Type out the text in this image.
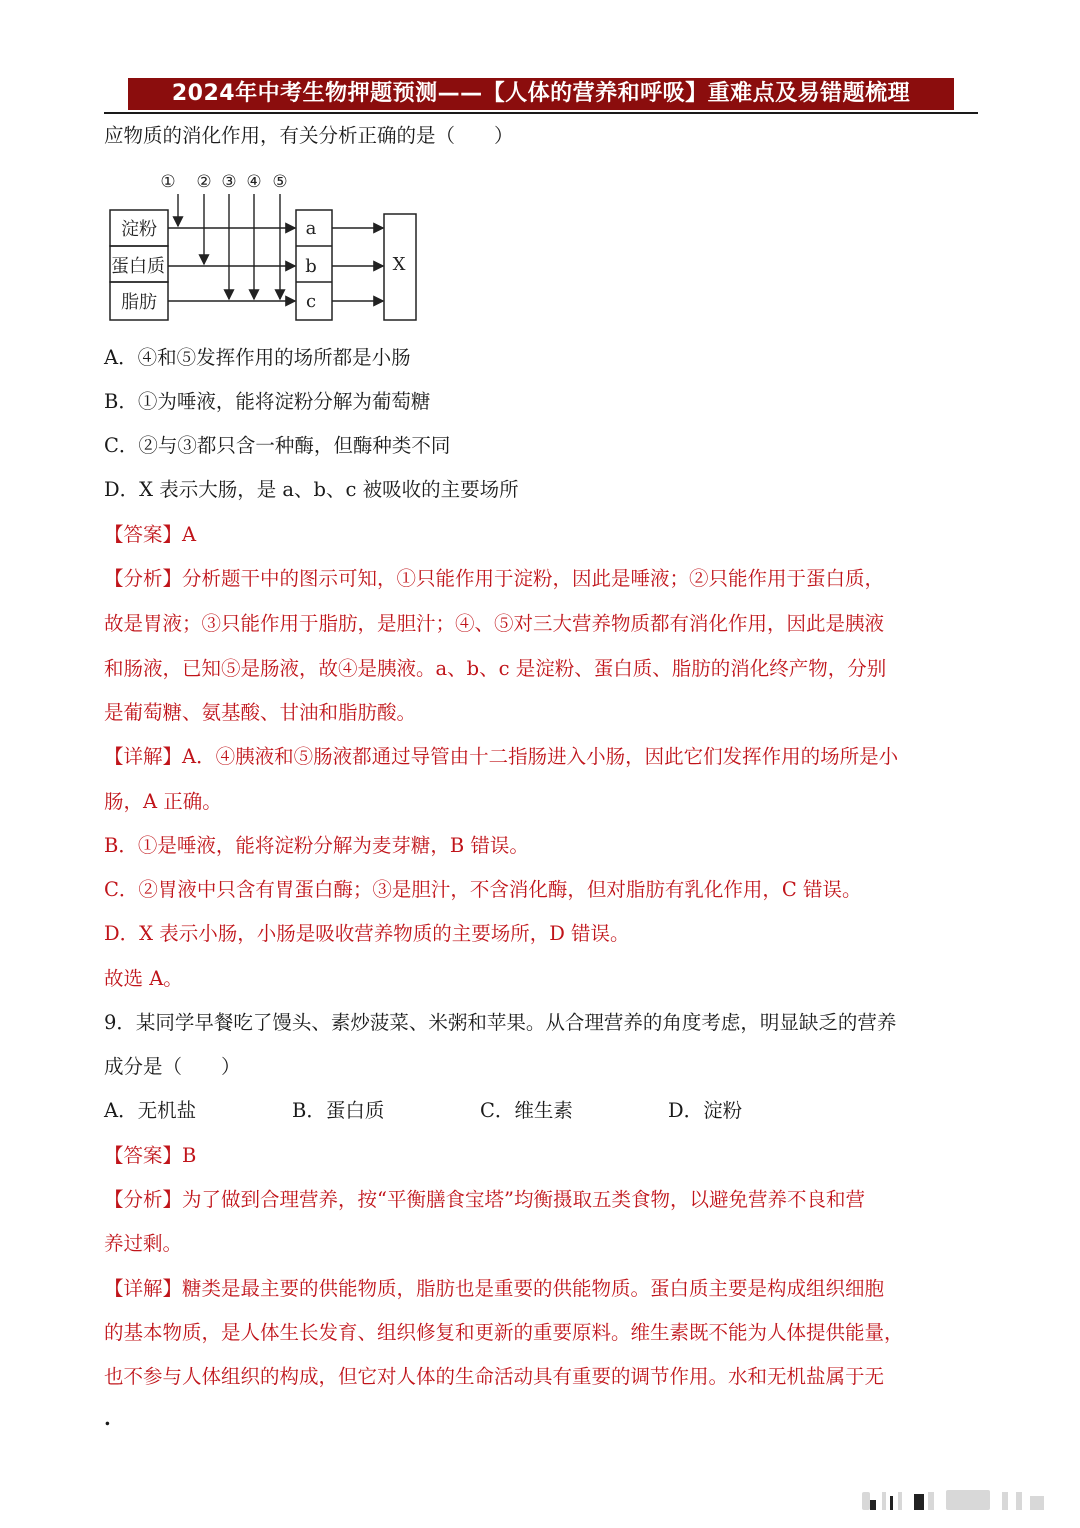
2024年中考生物押题预测——【人体的营养和呼吸】重难点及易错题梳理
应物质的消化作用，有关分析正确的是（　　）
① ② ③ ④ ⑤
淀粉
蛋白质
脂肪
a
b
c
X
A．④和⑤发挥作用的场所都是小肠
B．①为唾液，能将淀粉分解为葡萄糖
C．②与③都只含一种酶，但酶种类不同
D．X 表示大肠，是 a、b、c 被吸收的主要场所
【答案】A
【分析】分析题干中的图示可知，①只能作用于淀粉，因此是唾液；②只能作用于蛋白质，
故是胃液；③只能作用于脂肪，是胆汁；④、⑤对三大营养物质都有消化作用，因此是胰液
和肠液，已知⑤是肠液，故④是胰液。a、b、c 是淀粉、蛋白质、脂肪的消化终产物，分别
是葡萄糖、氨基酸、甘油和脂肪酸。
【详解】A．④胰液和⑤肠液都通过导管由十二指肠进入小肠，因此它们发挥作用的场所是小
肠，A 正确。
B．①是唾液，能将淀粉分解为麦芽糖，B 错误。
C．②胃液中只含有胃蛋白酶；③是胆汁，不含消化酶，但对脂肪有乳化作用，C 错误。
D．X 表示小肠，小肠是吸收营养物质的主要场所，D 错误。
故选 A。
9．某同学早餐吃了馒头、素炒菠菜、米粥和苹果。从合理营养的角度考虑，明显缺乏的营养
成分是（　　）
A．无机盐	B．蛋白质	C．维生素	D．淀粉
【答案】B
【分析】为了做到合理营养，按“平衡膳食宝塔”均衡摄取五类食物，以避免营养不良和营
养过剩。
【详解】糖类是最主要的供能物质，脂肪也是重要的供能物质。蛋白质主要是构成组织细胞
的基本物质，是人体生长发育、组织修复和更新的重要原料。维生素既不能为人体提供能量，
也不参与人体组织的构成，但它对人体的生命活动具有重要的调节作用。水和无机盐属于无
.
